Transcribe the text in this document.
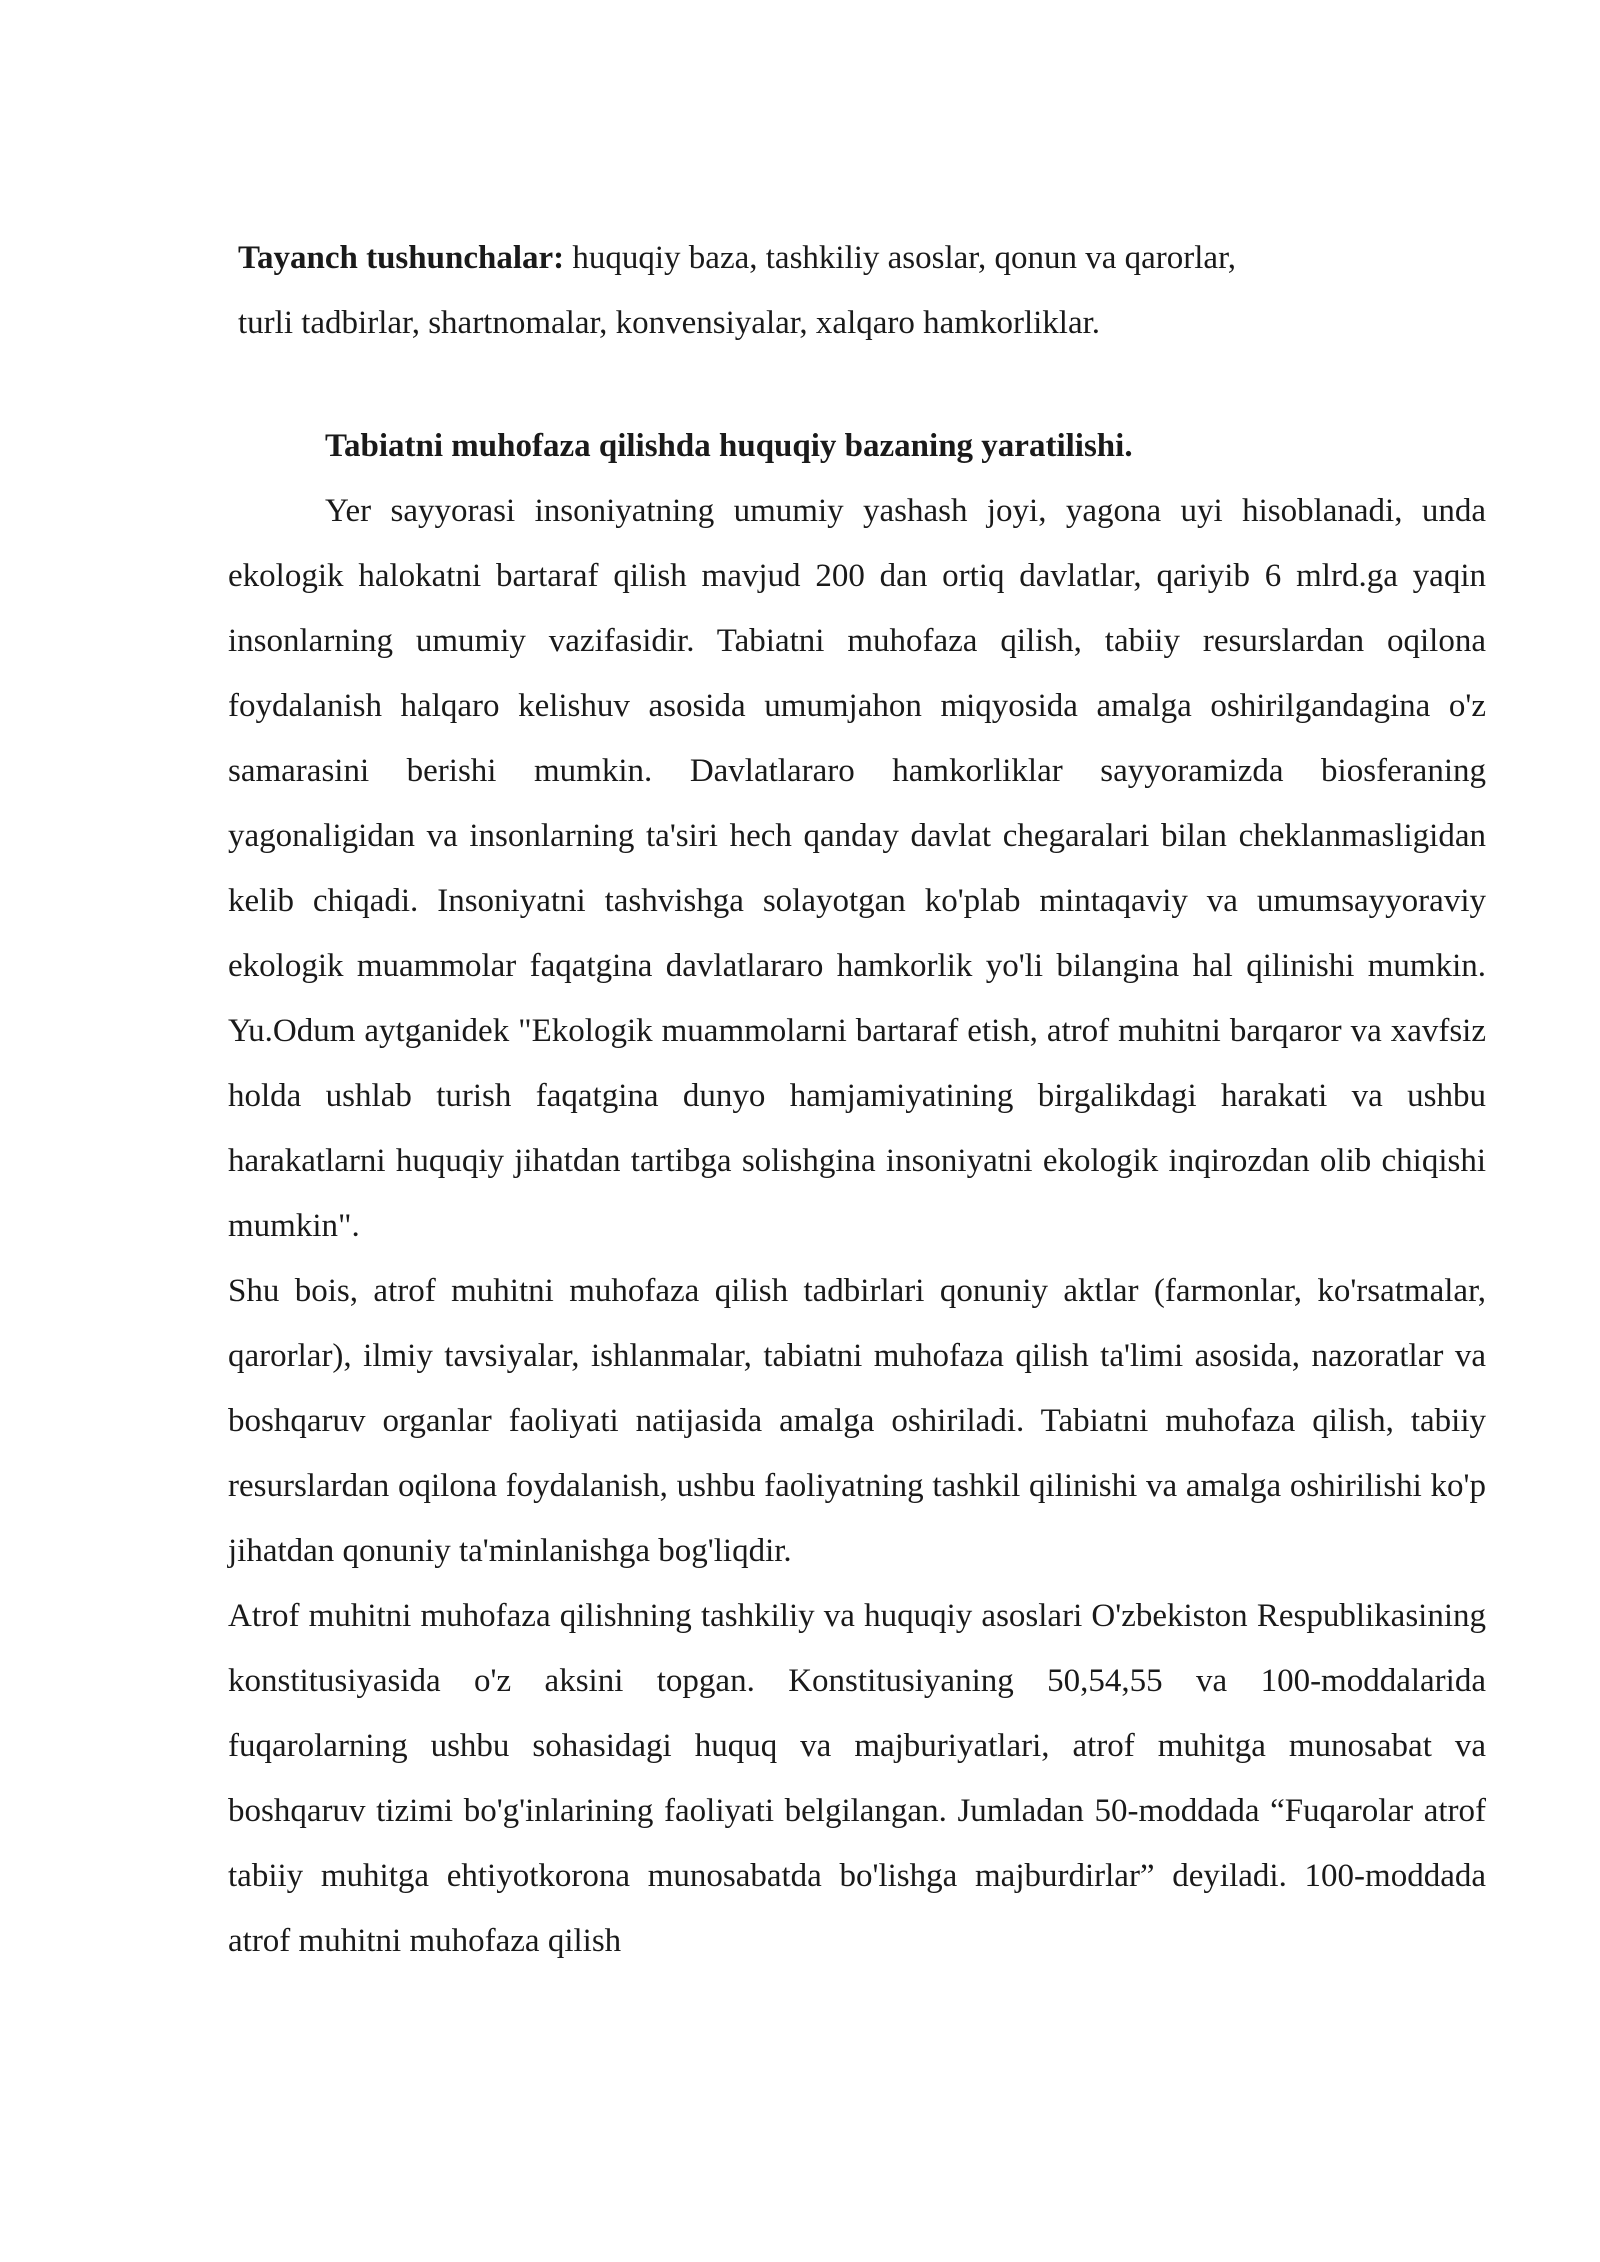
Tayanch tushunchalar: huquqiy baza, tashkiliy asoslar, qonun va qarorlar,
turli tadbirlar, shartnomalar, konvensiyalar, xalqaro hamkorliklar.
Tabiatni muhofaza qilishda huquqiy bazaning yaratilishi.

Yer sayyorasi insoniyatning umumiy yashash joyi, yagona uyi hisoblanadi, unda ekologik halokatni bartaraf qilish mavjud 200 dan ortiq davlatlar, qariyib 6 mlrd.ga yaqin insonlarning umumiy vazifasidir. Tabiatni muhofaza qilish, tabiiy resurslardan oqilona foydalanish halqaro kelishuv asosida umumjahon miqyosida amalga oshirilgandagina o'z samarasini berishi mumkin. Davlatlararo hamkorliklar sayyoramizda biosferaning yagonaligidan va insonlarning ta'siri hech qanday davlat chegaralari bilan cheklanmasligidan kelib chiqadi. Insoniyatni tashvishga solayotgan ko'plab mintaqaviy va umumsayyoraviy ekologik muammolar faqatgina davlatlararo hamkorlik yo'li bilangina hal qilinishi mumkin. Yu.Odum aytganidek "Ekologik muammolarni bartaraf etish, atrof muhitni barqaror va xavfsiz holda ushlab turish faqatgina dunyo hamjamiyatining birgalikdagi harakati va ushbu harakatlarni huquqiy jihatdan tartibga solishgina insoniyatni ekologik inqirozdan olib chiqishi mumkin".

Shu bois, atrof muhitni muhofaza qilish tadbirlari qonuniy aktlar (farmonlar, ko'rsatmalar, qarorlar), ilmiy tavsiyalar, ishlanmalar, tabiatni muhofaza qilish ta'limi asosida, nazoratlar va boshqaruv organlar faoliyati natijasida amalga oshiriladi. Tabiatni muhofaza qilish, tabiiy resurslardan oqilona foydalanish, ushbu faoliyatning tashkil qilinishi va amalga oshirilishi ko'p jihatdan qonuniy ta'minlanishga bog'liqdir.

Atrof muhitni muhofaza qilishning tashkiliy va huquqiy asoslari O'zbekiston Respublikasining konstitusiyasida o'z aksini topgan. Konstitusiyaning 50,54,55 va 100-moddalarida fuqarolarning ushbu sohasidagi huquq va majburiyatlari, atrof muhitga munosabat va boshqaruv tizimi bo'g'inlarining faoliyati belgilangan. Jumladan 50-moddada “Fuqarolar atrof tabiiy muhitga ehtiyotkorona munosabatda bo'lishga majburdirlar” deyiladi. 100-moddada atrof muhitni muhofaza qilish
